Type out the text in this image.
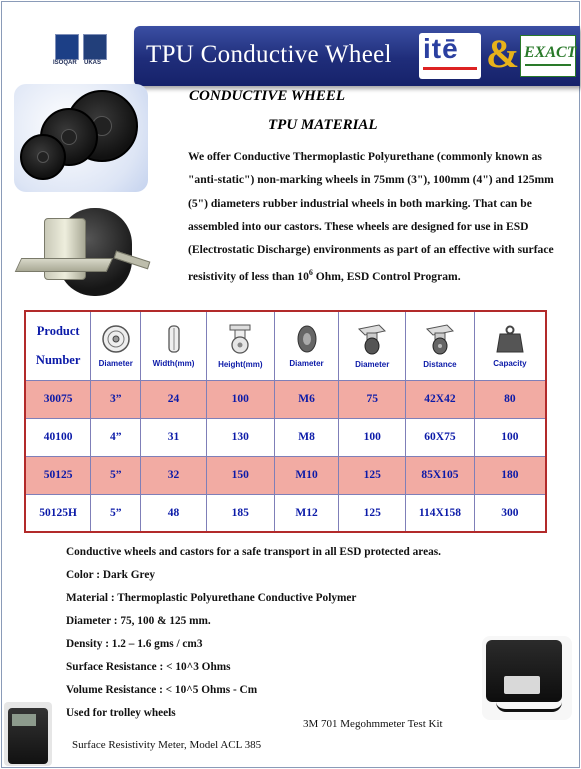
ISOQAR UKAS TPU Conductive Wheel itē & EXACT
CONDUCTIVE WHEEL
TPU MATERIAL
We offer Conductive Thermoplastic Polyurethane (commonly known as "anti-static") non-marking wheels in 75mm (3"), 100mm (4") and 125mm (5") diameters rubber industrial wheels in both marking. That can be assembled into our castors. These wheels are designed for use in ESD (Electrostatic Discharge) environments as part of an effective with surface resistivity of less than $10^6$ Ohm, ESD Control Program.
Product
Number	Diameter	Width(mm)	Height(mm)	Diameter	Diameter	Distance	Capacity
30075	3”	24	100	M6	75	42X42	80
40100	4”	31	130	M8	100	60X75	100
50125	5”	32	150	M10	125	85X105	180
50125H	5”	48	185	M12	125	114X158	300
Conductive wheels and castors for a safe transport in all ESD protected areas.
Color : Dark Grey
Material : Thermoplastic Polyurethane Conductive Polymer
Diameter : 75, 100 & 125 mm.
Density : 1.2 – 1.6 gms / cm3
Surface Resistance : < 10^3 Ohms
Volume Resistance : < 10^5 Ohms - Cm
Used for trolley wheels
3M 701 Megohmmeter Test Kit
Surface Resistivity Meter, Model ACL 385
